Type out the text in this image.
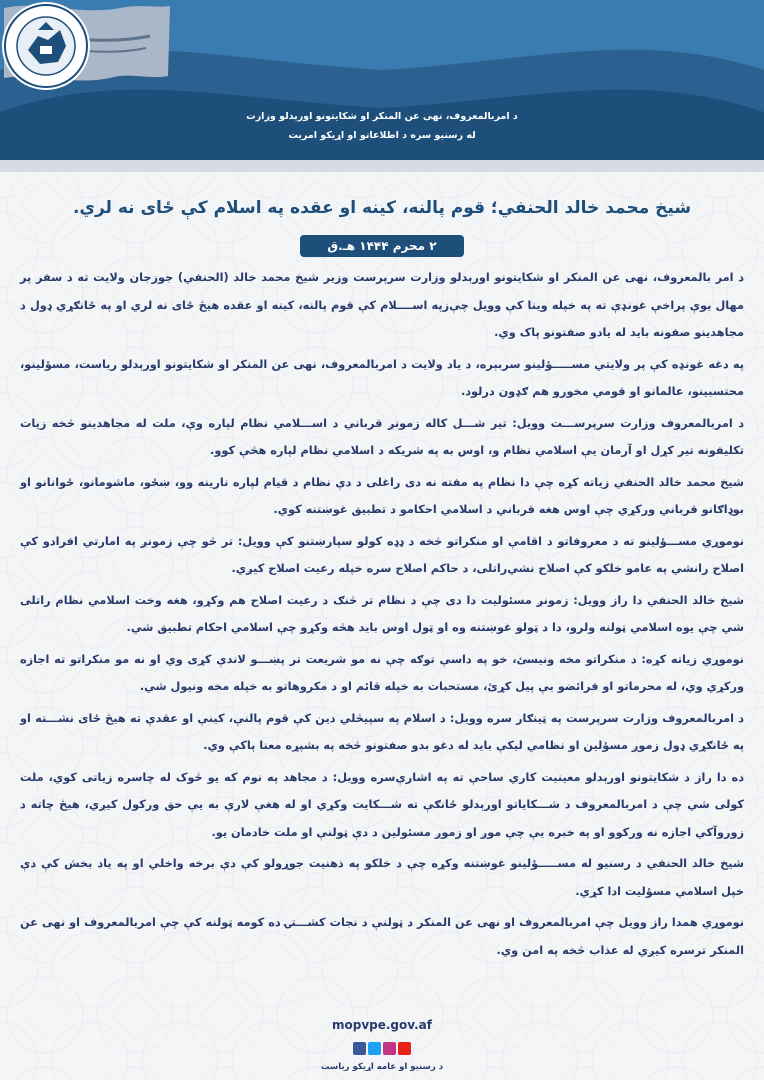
د امربالمعروف، نهی عن المنکر او شکایتونو اورېدلو وزارت
له رسنيو سره د اطلاعاتو او اړيکو امريت
شيخ محمد خالد الحنفي؛ قوم پالنه، کینه او عقده په اسلام کې ځای نه لري.
۲ محرم ۱۴۴۴ هـ.ق

د امر بالمعروف، نهی عن المنکر او شکایتونو اورېدلو وزارت سرپرست وزیر شیخ محمد خالد (الحنفي) جوزجان ولایت ته د سفر پر مهال یوې پراخې غونډې ته په خپله وینا کې وویل چې‌زپه اســــلام کې قوم پالنه، کینه او عقده هیڅ ځای نه لري او په ځانګړي ډول د مجاهدینو صفونه باید له یادو صفتونو پاک وي.

په دغه غونډه کې پر ولایتي مســـــؤلینو سربېره، د یاد ولایت د امربالمعروف، نهی عن المنکر او شکایتونو اورېدلو ریاست، مسؤلینو، محتسبینو، عالمانو او قومي مخورو هم ګډون درلود.

د امربالمعروف وزارت سرپرســـت وویل: تیر شـــل کاله زمونږ قرباني د اســـلامي نظام لپاره وې، ملت له مجاهدینو څخه زیات تکلیفونه تیر کړل او آرمان یې اسلامي نظام و، اوس به په شریکه د اسلامي نظام لپاره هڅې کوو.

شیخ محمد خالد الحنفي زیاته کړه چې دا نظام په مفته نه دی راغلی د دې نظام د قیام لپاره نارینه وو، ښځو، ماشومانو، ځوانانو او بوډاګانو قرباني ورکړي چې اوس هغه قرباني د اسلامي احکامو د تطبیق غوښتنه کوي.

نوموړي مســـؤلینو ته د معروفاتو د اقامې او منکراتو څخه د ډډه کولو سپارښتنو کې وویل: تر څو چې زمونږ په امارتي افرادو کې اصلاح رانشي په عامو خلکو کې اصلاح نشي‌راتلی، د حاکم اصلاح سره خپله رعیت اصلاح کیږي.

شیخ خالد الحنفي دا راز وویل: زمونږ مسئولیت دا دی چې د نظام تر څنګ د رعیت اصلاح هم وکړو، هغه وخت اسلامي نظام راتلی شي چې یوه اسلامي ټولنه ولرو، دا د ټولو غوښتنه وه او ټول اوس باید هڅه وکړو چې اسلامي احکام تطبیق شي.

نوموړي زیاته کړه: د منکراتو مخه ونیسئ، خو په داسې توګه چې نه مو شریعت تر پښـــو لاندې کړی وي او نه مو منکراتو ته اجازه ورکړي وي، له محرماتو او فرائضو یې پیل کړئ، مستحبات به خپله قائم او د مکروهاتو به خپله مخه ونیول شي.

د امربالمعروف وزارت سرپرست په ټینګار سره وویل: د اسلام په سپیڅلي دین کې قوم پالنې، کینې او عقدې ته هیڅ ځای نشـــته او په ځانګړي ډول زموږ مسؤلین او نظامي لیکې باید له دغو بدو صفتونو څخه په بشپړه معنا پاکې وي.

ده دا راز د شکایتونو اورېدلو معینیت کاري ساحې ته په اشارې‌سره وویل: د مجاهد په نوم که یو څوک له چاسره زیاتی کوي، ملت کولی شي چې د امربالمعروف د شـــکایاتو اورېدلو ځانګې ته شـــکایت وکړي او له هغې لارې به یې حق ورکول کیږي، هیڅ چاته د زوروآکي اجازه نه ورکوو او په خبره یې چې موږ او زموږ مسئولین د دې ټولنې او ملت خادمان یو.

شیخ خالد الحنفي د رسنیو له مســـــؤلینو غوښتنه وکړه چې د خلکو په ذهنیت جوړولو کې دې برخه واخلي او په یاد بخش کې دې خپل اسلامي مسؤلیت ادا کړي.

نوموړي همدا راز وویل چې امربالمعروف او نهی عن المنکر د ټولنې د نجات کشـــتۍ ده کومه ټولنه کې چې امربالمعروف او نهی عن المنکر ترسره کیږي له عذاب څخه په امن وي.

mopvpe.gov.af
د رسنيو او عامه اړيکو رياست
